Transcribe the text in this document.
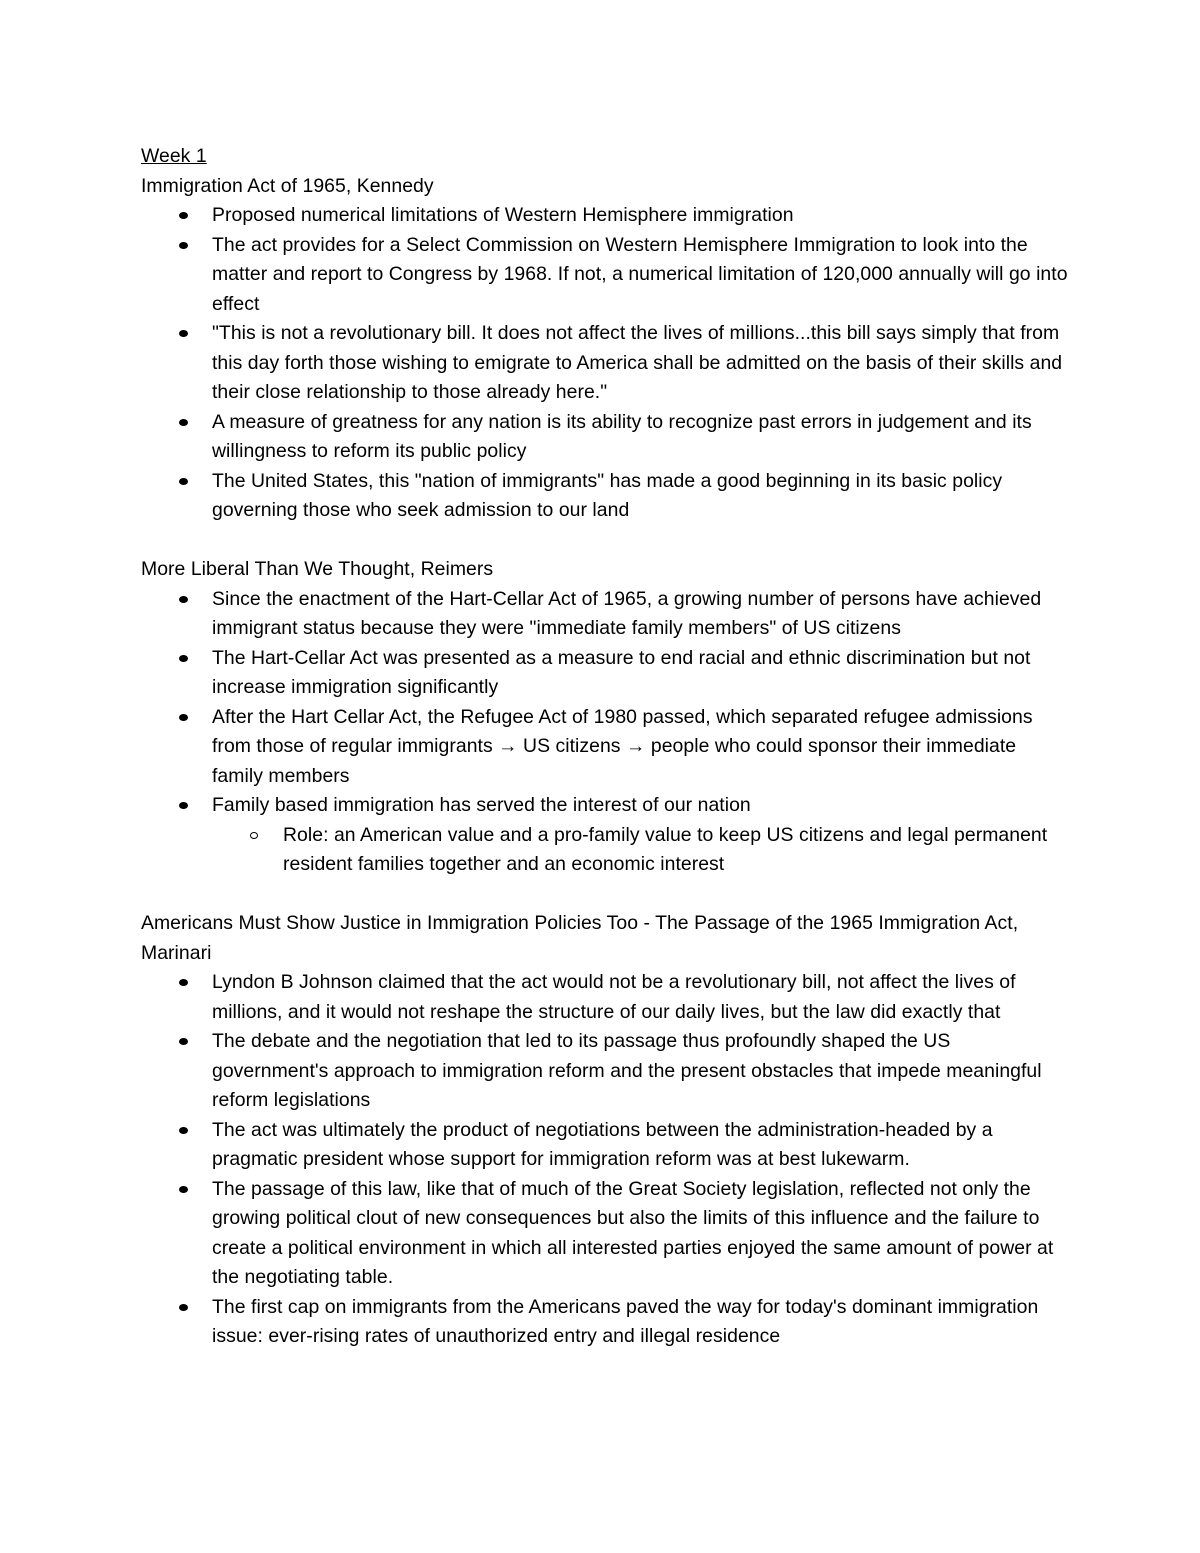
Week 1

Immigration Act of 1965, Kennedy

Proposed numerical limitations of Western Hemisphere immigration
The act provides for a Select Commission on Western Hemisphere Immigration to look into the matter and report to Congress by 1968. If not, a numerical limitation of 120,000 annually will go into effect
"This is not a revolutionary bill. It does not affect the lives of millions...this bill says simply that from this day forth those wishing to emigrate to America shall be admitted on the basis of their skills and their close relationship to those already here."
A measure of greatness for any nation is its ability to recognize past errors in judgement and its willingness to reform its public policy
The United States, this "nation of immigrants" has made a good beginning in its basic policy governing those who seek admission to our land

More Liberal Than We Thought, Reimers

Since the enactment of the Hart-Cellar Act of 1965, a growing number of persons have achieved immigrant status because they were "immediate family members" of US citizens
The Hart-Cellar Act was presented as a measure to end racial and ethnic discrimination but not increase immigration significantly
After the Hart Cellar Act, the Refugee Act of 1980 passed, which separated refugee admissions from those of regular immigrants → US citizens → people who could sponsor their immediate family members
Family based immigration has served the interest of our nation
Role: an American value and a pro-family value to keep US citizens and legal permanent resident families together and an economic interest

Americans Must Show Justice in Immigration Policies Too - The Passage of the 1965 Immigration Act, Marinari

Lyndon B Johnson claimed that the act would not be a revolutionary bill, not affect the lives of millions, and it would not reshape the structure of our daily lives, but the law did exactly that
The debate and the negotiation that led to its passage thus profoundly shaped the US government's approach to immigration reform and the present obstacles that impede meaningful reform legislations
The act was ultimately the product of negotiations between the administration-headed by a pragmatic president whose support for immigration reform was at best lukewarm.
The passage of this law, like that of much of the Great Society legislation, reflected not only the growing political clout of new consequences but also the limits of this influence and the failure to create a political environment in which all interested parties enjoyed the same amount of power at the negotiating table.
The first cap on immigrants from the Americans paved the way for today's dominant immigration issue: ever-rising rates of unauthorized entry and illegal residence
